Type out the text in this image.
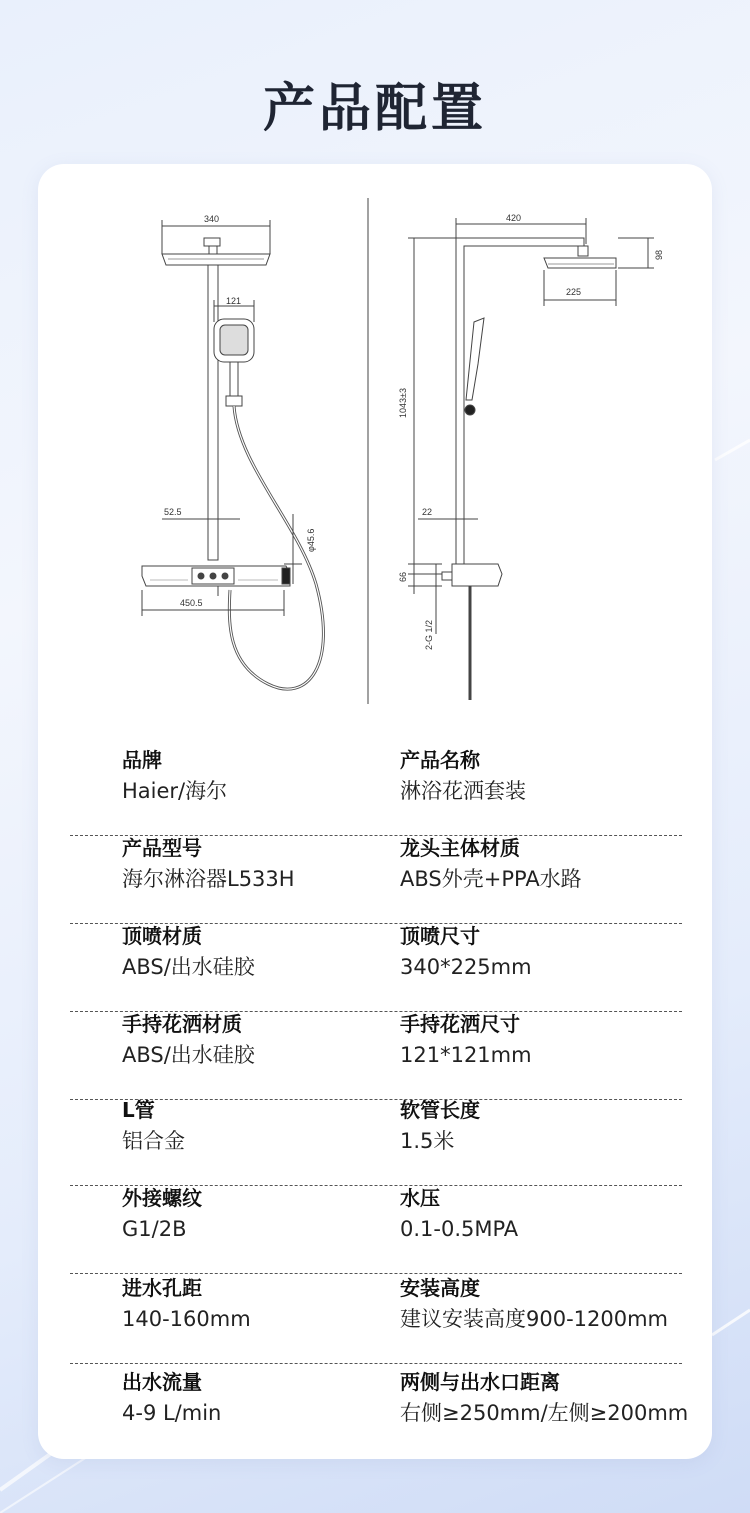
产品配置
340
121
52.5
φ45.6
450.5
420
98
225
1043±3
22
66
2-G 1/2
品牌
Haier/海尔
产品名称
淋浴花洒套装
产品型号
海尔淋浴器L533H
龙头主体材质
ABS外壳+PPA水路
顶喷材质
ABS/出水硅胶
顶喷尺寸
340*225mm
手持花洒材质
ABS/出水硅胶
手持花洒尺寸
121*121mm
L管
铝合金
软管长度
1.5米
外接螺纹
G1/2B
水压
0.1-0.5MPA
进水孔距
140-160mm
安装高度
建议安装高度900-1200mm
出水流量
4-9 L/min
两侧与出水口距离
右侧≥250mm/左侧≥200mm
